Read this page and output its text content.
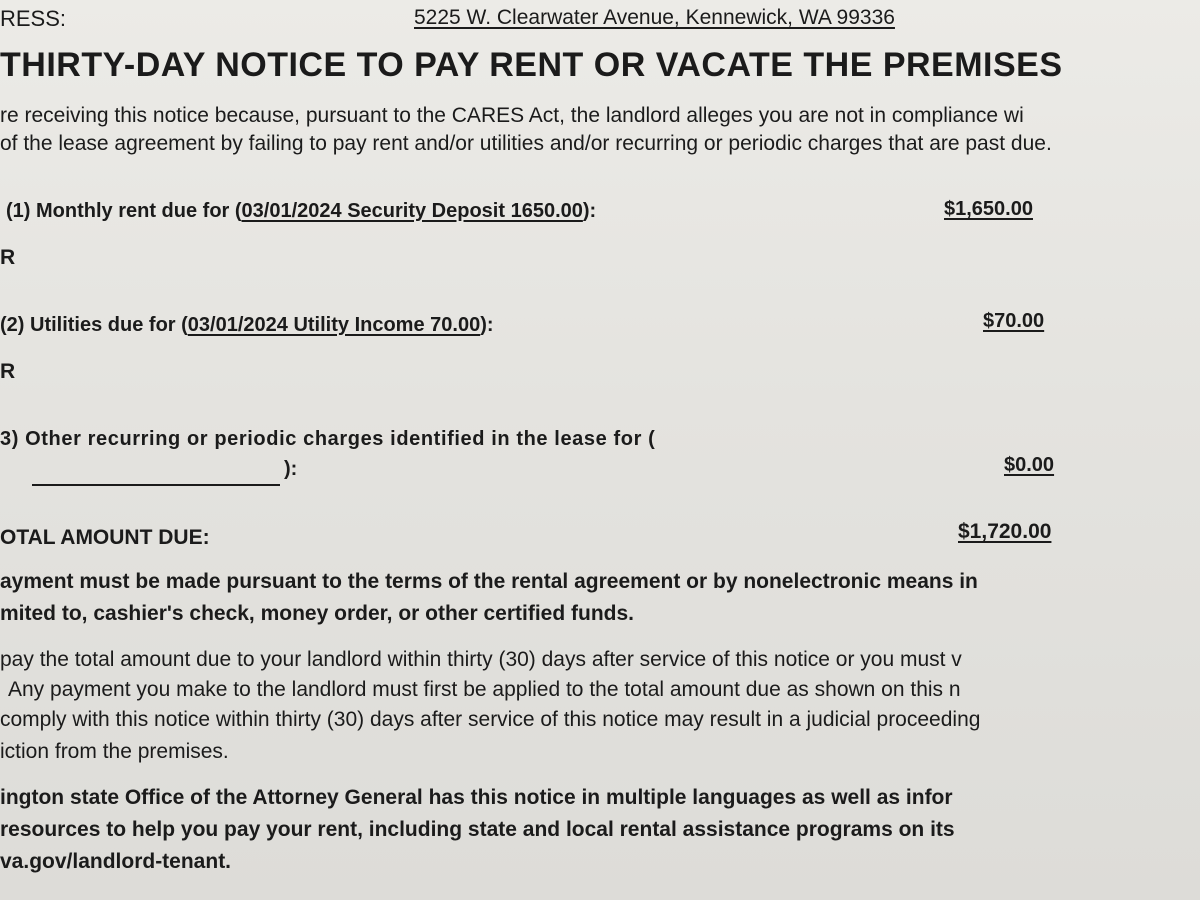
RESS:	5225 W. Clearwater Avenue, Kennewick, WA 99336

THIRTY-DAY NOTICE TO PAY RENT OR VACATE THE PREMISES

re receiving this notice because, pursuant to the CARES Act, the landlord alleges you are not in compliance wi

of the lease agreement by failing to pay rent and/or utilities and/or recurring or periodic charges that are past due.

(1) Monthly rent due for (03/01/2024 Security Deposit 1650.00):	$1,650.00

R

(2) Utilities due for (03/01/2024 Utility Income 70.00):	$70.00

R

3) Other recurring or periodic charges identified in the lease for (

):	$0.00

OTAL AMOUNT DUE:	$1,720.00

ayment must be made pursuant to the terms of the rental agreement or by nonelectronic means in

mited to, cashier's check, money order, or other certified funds.

pay the total amount due to your landlord within thirty (30) days after service of this notice or you must v

Any payment you make to the landlord must first be applied to the total amount due as shown on this n

comply with this notice within thirty (30) days after service of this notice may result in a judicial proceeding

iction from the premises.

ington state Office of the Attorney General has this notice in multiple languages as well as infor

resources to help you pay your rent, including state and local rental assistance programs on its

va.gov/landlord-tenant.
